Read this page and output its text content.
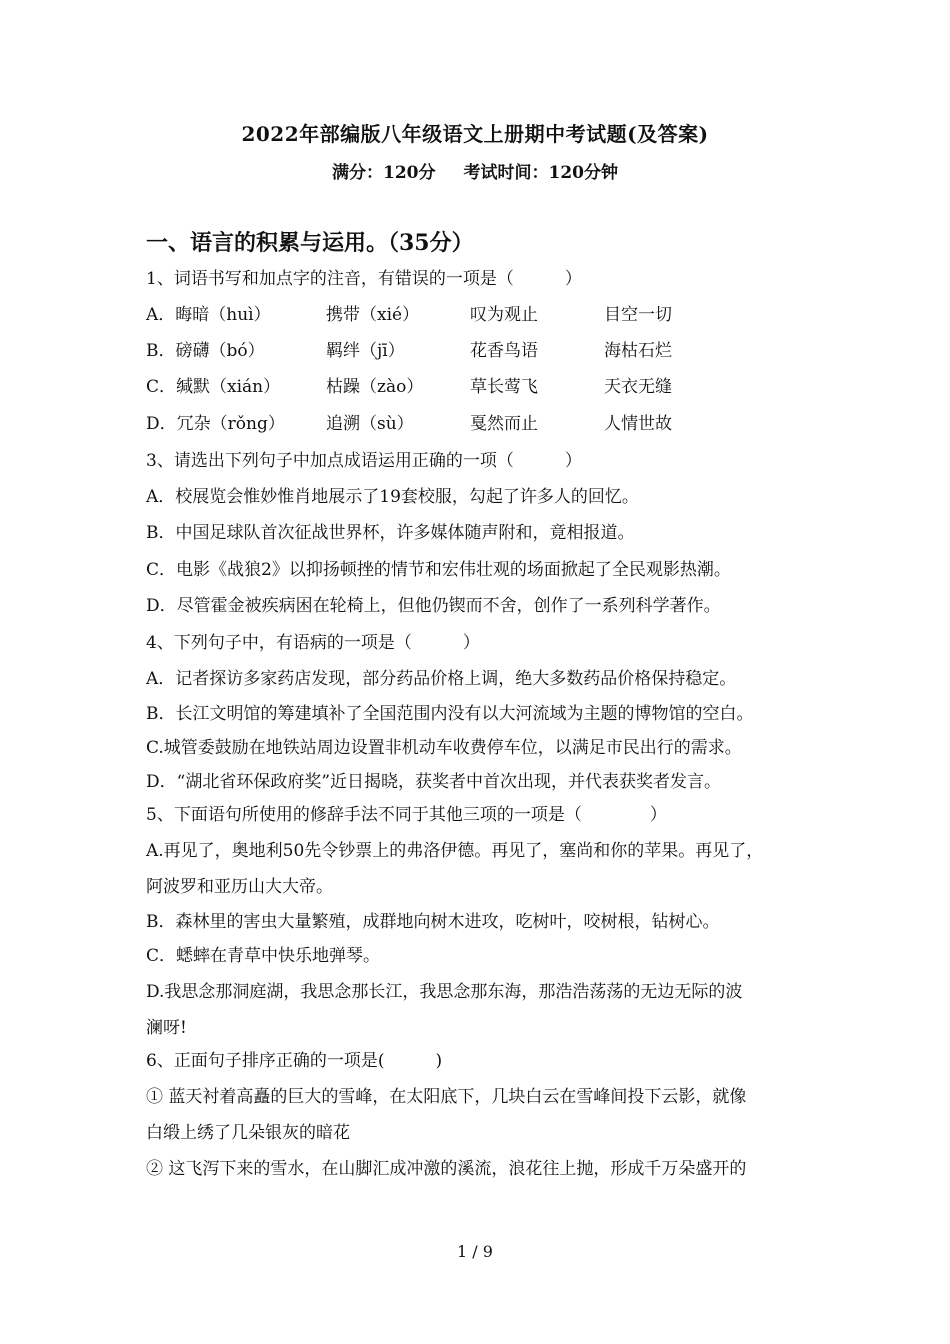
2022年部编版八年级语文上册期中考试题(及答案)
满分：120分 考试时间：120分钟
一、语言的积累与运用。（35分）
1、词语书写和加点字的注音，有错误的一项是（　　　）
A．晦暗（huì）	携带（xié）	叹为观止	目空一切
B．磅礴（bó）	羁绊（jī）	花香鸟语	海枯石烂
C．缄默（xián）	枯躁（zào）	草长莺飞	天衣无缝
D．冗杂（rǒng） 追溯（sù）	戛然而止	人情世故
3、请选出下列句子中加点成语运用正确的一项（　　　）
A．校展览会惟妙惟肖地展示了19套校服，勾起了许多人的回忆。
B．中国足球队首次征战世界杯，许多媒体随声附和，竟相报道。
C．电影《战狼2》以抑扬顿挫的情节和宏伟壮观的场面掀起了全民观影热潮。
D．尽管霍金被疾病困在轮椅上，但他仍锲而不舍，创作了一系列科学著作。
4、下列句子中，有语病的一项是（　　　）
A．记者探访多家药店发现，部分药品价格上调，绝大多数药品价格保持稳定。
B．长江文明馆的筹建填补了全国范围内没有以大河流域为主题的博物馆的空白。
C.城管委鼓励在地铁站周边设置非机动车收费停车位，以满足市民出行的需求。
D．“湖北省环保政府奖”近日揭晓，获奖者中首次出现，并代表获奖者发言。
5、下面语句所使用的修辞手法不同于其他三项的一项是（　　　　）
A.再见了，奥地利50先令钞票上的弗洛伊德。再见了，塞尚和你的苹果。再见了，
阿波罗和亚历山大大帝。
B．森林里的害虫大量繁殖，成群地向树木进攻，吃树叶，咬树根，钻树心。
C．蟋蟀在青草中快乐地弹琴。
D.我思念那洞庭湖，我思念那长江，我思念那东海，那浩浩荡荡的无边无际的波
澜呀!
6、正面句子排序正确的一项是(　　　)
① 蓝天衬着高矗的巨大的雪峰，在太阳底下，几块白云在雪峰间投下云影，就像
白缎上绣了几朵银灰的暗花
② 这飞泻下来的雪水，在山脚汇成冲激的溪流，浪花往上抛，形成千万朵盛开的
1 / 9
